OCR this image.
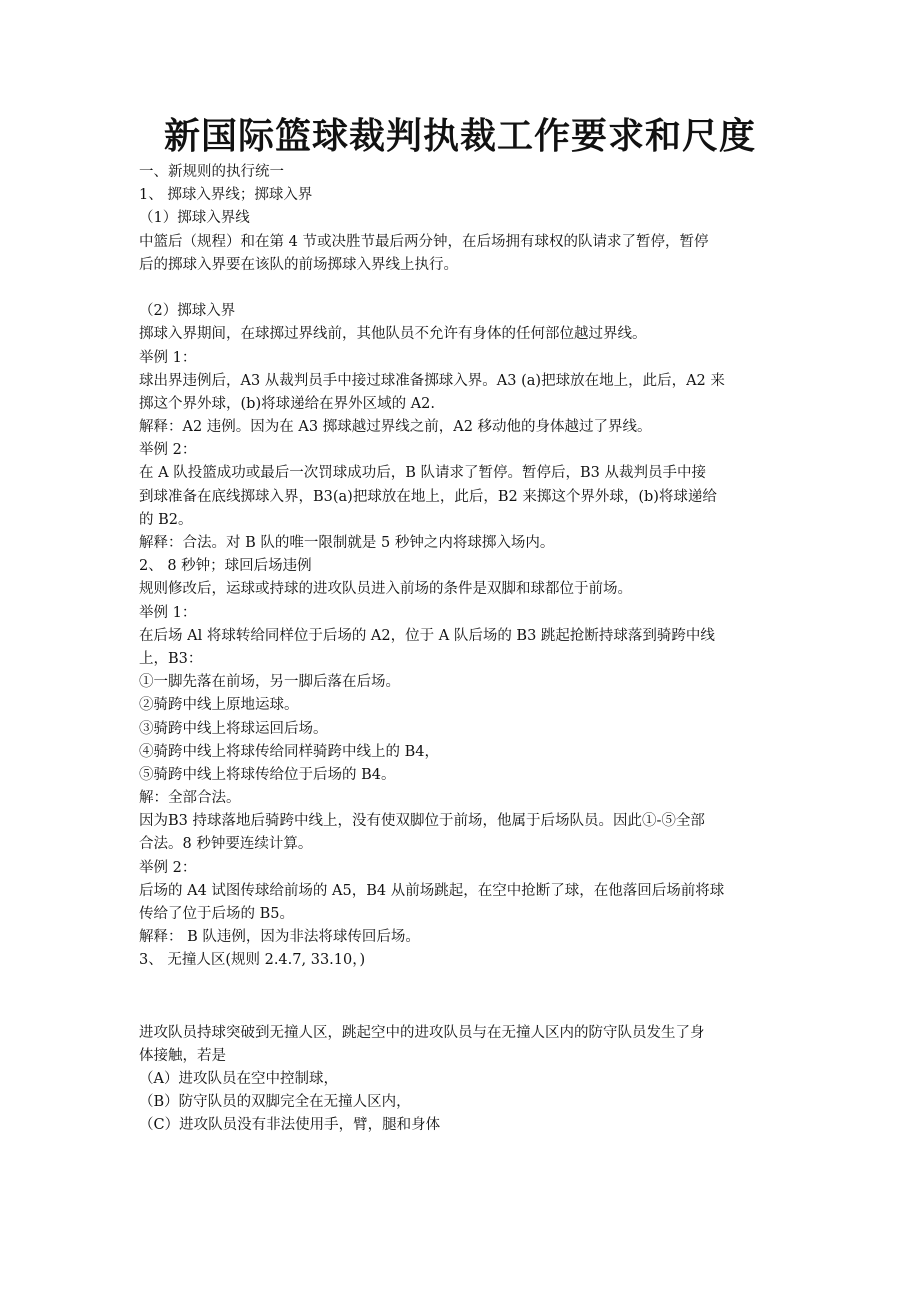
新国际篮球裁判执裁工作要求和尺度
一、新规则的执行统一
1、 掷球入界线；掷球入界
（1）掷球入界线
中篮后（规程）和在第 4 节或决胜节最后两分钟，在后场拥有球权的队请求了暂停，暂停
后的掷球入界要在该队的前场掷球入界线上执行。
（2）掷球入界
掷球入界期间，在球掷过界线前，其他队员不允许有身体的任何部位越过界线。
举例 1：
球出界违例后，A3 从裁判员手中接过球准备掷球入界。A3 (a)把球放在地上，此后，A2 来
掷这个界外球，(b)将球递给在界外区域的 A2.
解释：A2 违例。因为在 A3 掷球越过界线之前，A2 移动他的身体越过了界线。
举例 2：
在 A 队投篮成功或最后一次罚球成功后，B 队请求了暂停。暂停后，B3 从裁判员手中接
到球准备在底线掷球入界，B3(a)把球放在地上，此后，B2 来掷这个界外球，(b)将球递给
的 B2。
解释：合法。对 B 队的唯一限制就是 5 秒钟之内将球掷入场内。
2、 8 秒钟；球回后场违例
规则修改后，运球或持球的进攻队员进入前场的条件是双脚和球都位于前场。
举例 1：
在后场 Al 将球转给同样位于后场的 A2，位于 A 队后场的 B3 跳起抢断持球落到骑跨中线
上，B3：
①一脚先落在前场，另一脚后落在后场。
②骑跨中线上原地运球。
③骑跨中线上将球运回后场。
④骑跨中线上将球传给同样骑跨中线上的 B4，
⑤骑跨中线上将球传给位于后场的 B4。
解：全部合法。
因为B3 持球落地后骑跨中线上，没有使双脚位于前场，他属于后场队员。因此①-⑤全部
合法。8 秒钟要连续计算。
举例 2：
后场的 A4 试图传球给前场的 A5，B4 从前场跳起，在空中抢断了球，在他落回后场前将球
传给了位于后场的 B5。
解释： B 队违例，因为非法将球传回后场。
3、 无撞人区(规则 2.4.7, 33.10，)
进攻队员持球突破到无撞人区，跳起空中的进攻队员与在无撞人区内的防守队员发生了身
体接触，若是
（A）进攻队员在空中控制球，
（B）防守队员的双脚完全在无撞人区内，
（C）进攻队员没有非法使用手，臂，腿和身体
